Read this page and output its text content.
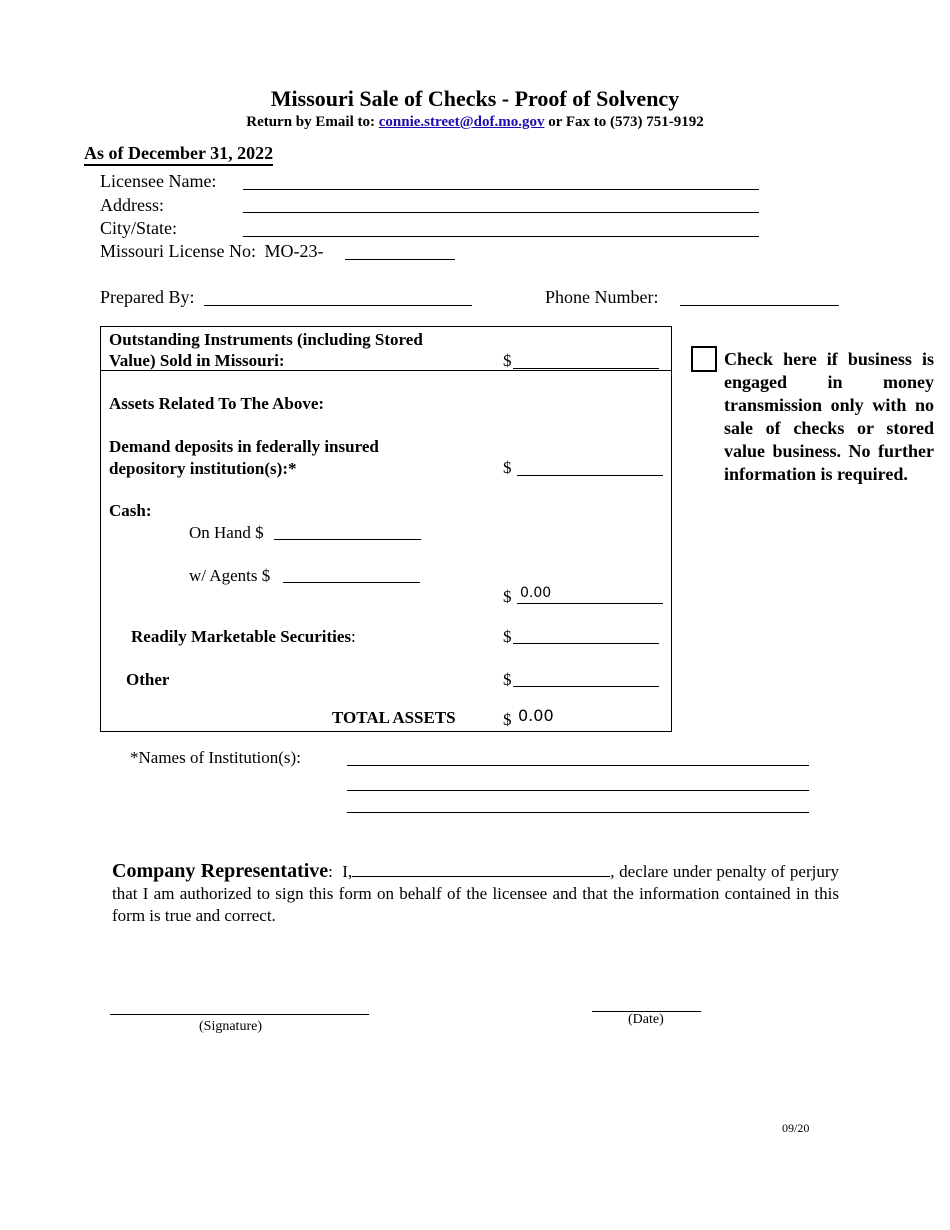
Missouri Sale of Checks - Proof of Solvency
Return by Email to: connie.street@dof.mo.gov or Fax to (573) 751-9192
As of December 31, 2022
Licensee Name:
Address:
City/State:
Missouri License No: MO-23-
Prepared By:	Phone Number:
Outstanding Instruments (including Stored
Value) Sold in Missouri:	$
Assets Related To The Above:
Demand deposits in federally insured
depository institution(s):*	$
Cash:
On Hand $
w/ Agents $
$ 0.00
Readily Marketable Securities:	$
Other	$
TOTAL ASSETS	$ 0.00
Check here if business is engaged in money transmission only with no sale of checks or stored value business. No further information is required.
*Names of Institution(s):
Company Representative: I,	, declare under penalty of perjury that I am authorized to sign this form on behalf of the licensee and that the information contained in this form is true and correct.
(Signature)	(Date)
09/20
